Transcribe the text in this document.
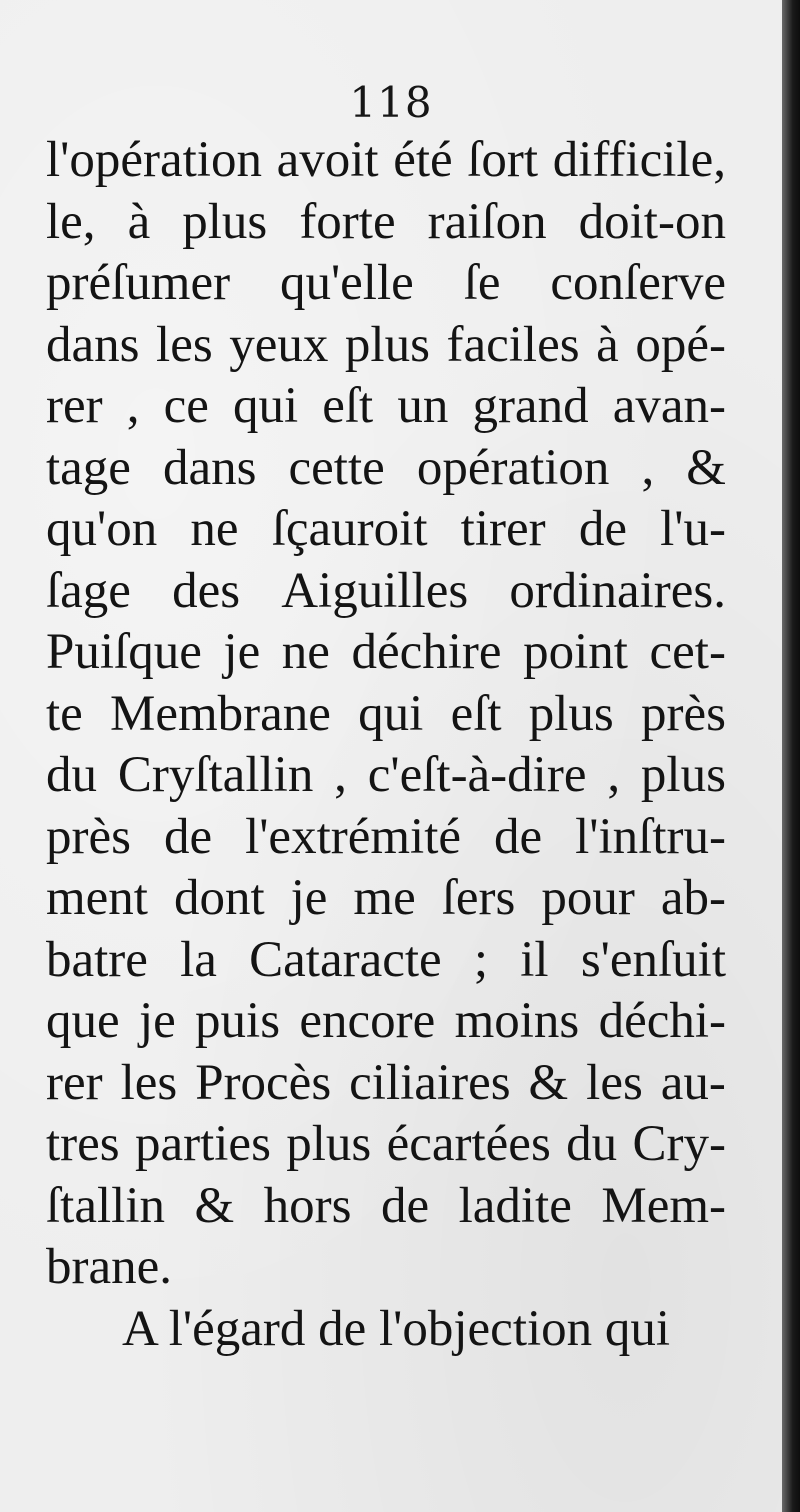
118
l'opération avoit été ſort difficile,
le, à plus forte raiſon doit-on
préſumer qu'elle ſe conſerve
dans les yeux plus faciles à opé-
rer , ce qui eſt un grand avan-
tage dans cette opération , &
qu'on ne ſçauroit tirer de l'u-
ſage des Aiguilles ordinaires.
Puiſque je ne déchire point cet-
te Membrane qui eſt plus près
du Cryſtallin , c'eſt-à-dire , plus
près de l'extrémité de l'inſtru-
ment dont je me ſers pour ab-
batre la Cataracte ; il s'enſuit
que je puis encore moins déchi-
rer les Procès ciliaires & les au-
tres parties plus écartées du Cry-
ſtallin & hors de ladite Mem-
brane.
A l'égard de l'objection qui
